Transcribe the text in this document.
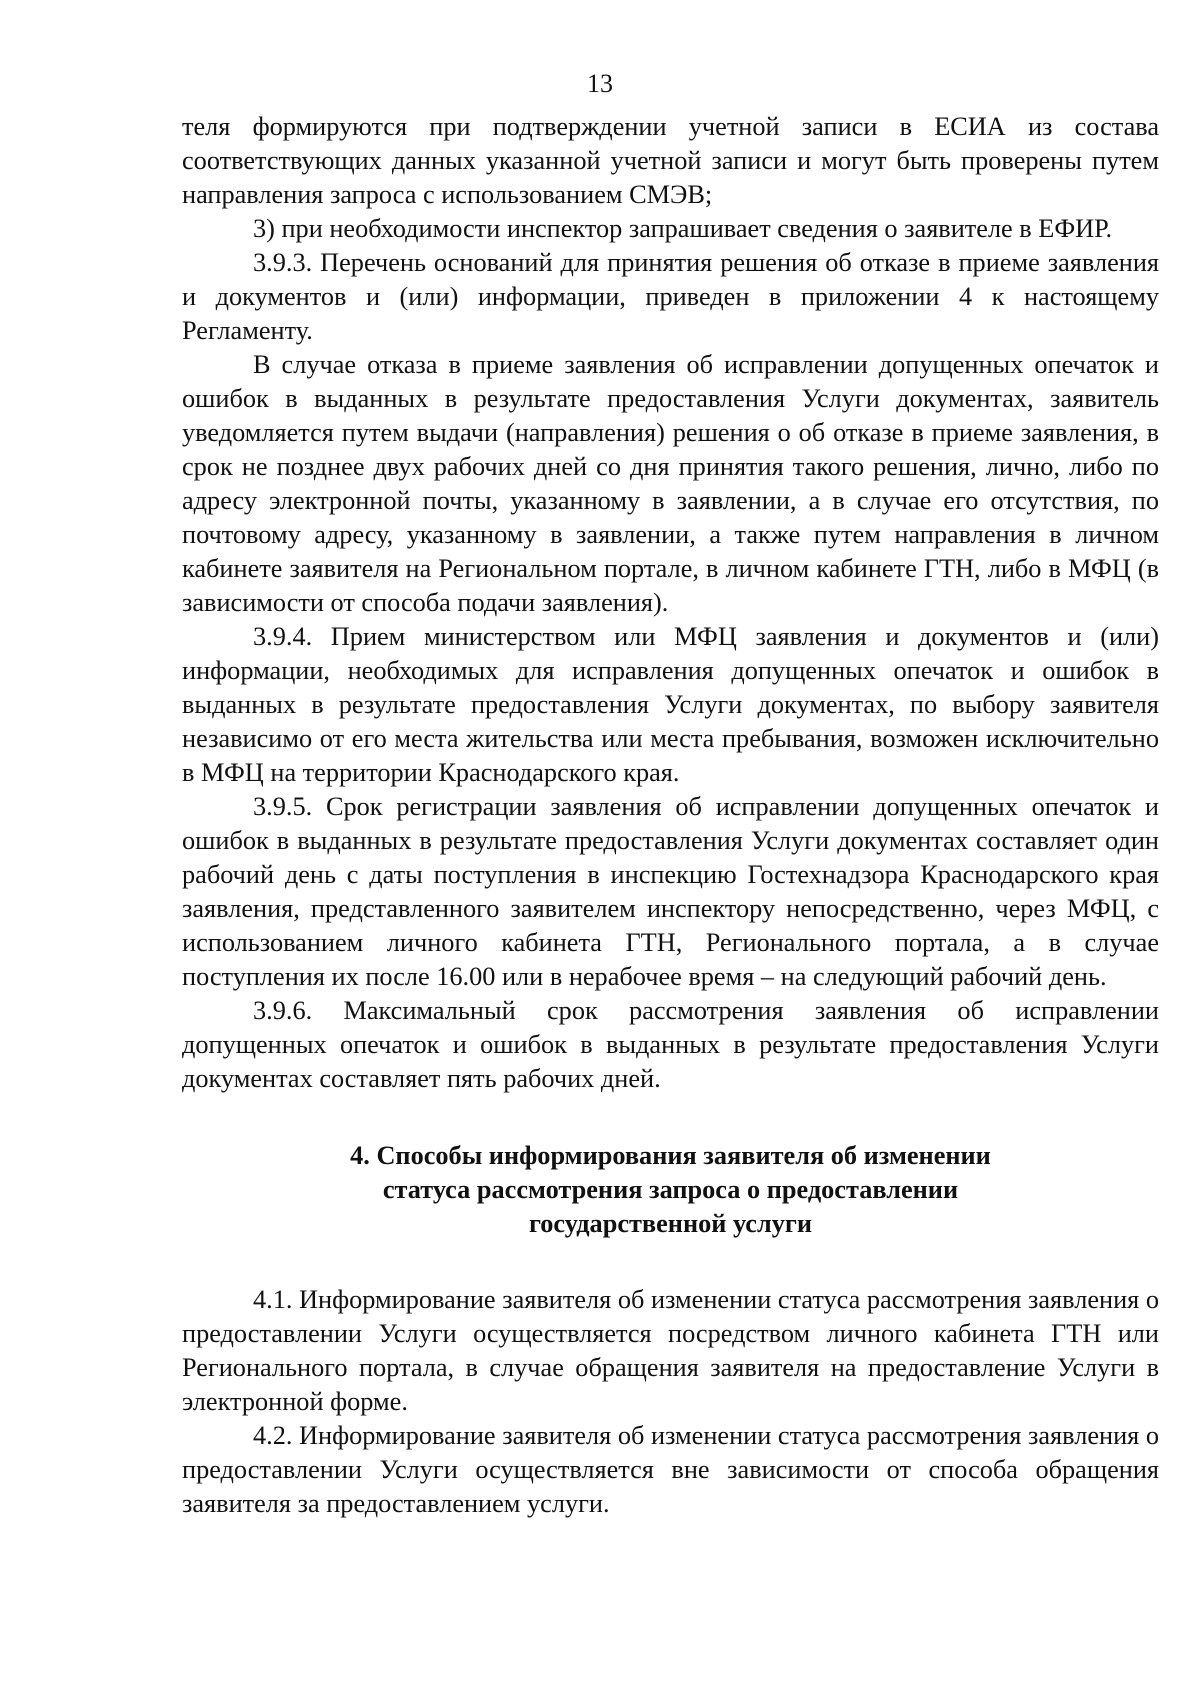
13

теля формируются при подтверждении учетной записи в ЕСИА из состава соответствующих данных указанной учетной записи и могут быть проверены путем направления запроса с использованием СМЭВ;

3) при необходимости инспектор запрашивает сведения о заявителе в ЕФИР.

3.9.3. Перечень оснований для принятия решения об отказе в приеме заявления и документов и (или) информации, приведен в приложении 4 к настоящему Регламенту.

В случае отказа в приеме заявления об исправлении допущенных опечаток и ошибок в выданных в результате предоставления Услуги документах, заявитель уведомляется путем выдачи (направления) решения о об отказе в приеме заявления, в срок не позднее двух рабочих дней со дня принятия такого решения, лично, либо по адресу электронной почты, указанному в заявлении, а в случае его отсутствия, по почтовому адресу, указанному в заявлении, а также путем направления в личном кабинете заявителя на Региональном портале, в личном кабинете ГТН, либо в МФЦ (в зависимости от способа подачи заявления).

3.9.4. Прием министерством или МФЦ заявления и документов и (или) информации, необходимых для исправления допущенных опечаток и ошибок в выданных в результате предоставления Услуги документах, по выбору заявителя независимо от его места жительства или места пребывания, возможен исключительно в МФЦ на территории Краснодарского края.

3.9.5. Срок регистрации заявления об исправлении допущенных опечаток и ошибок в выданных в результате предоставления Услуги документах составляет один рабочий день с даты поступления в инспекцию Гостехнадзора Краснодарского края заявления, представленного заявителем инспектору непосредственно, через МФЦ, с использованием личного кабинета ГТН, Регионального портала, а в случае поступления их после 16.00 или в нерабочее время – на следующий рабочий день.

3.9.6. Максимальный срок рассмотрения заявления об исправлении допущенных опечаток и ошибок в выданных в результате предоставления Услуги документах составляет пять рабочих дней.

4. Способы информирования заявителя об изменении
статуса рассмотрения запроса о предоставлении
государственной услуги

4.1. Информирование заявителя об изменении статуса рассмотрения заявления о предоставлении Услуги осуществляется посредством личного кабинета ГТН или Регионального портала, в случае обращения заявителя на предоставление Услуги в электронной форме.

4.2. Информирование заявителя об изменении статуса рассмотрения заявления о предоставлении Услуги осуществляется вне зависимости от способа обращения заявителя за предоставлением услуги.
